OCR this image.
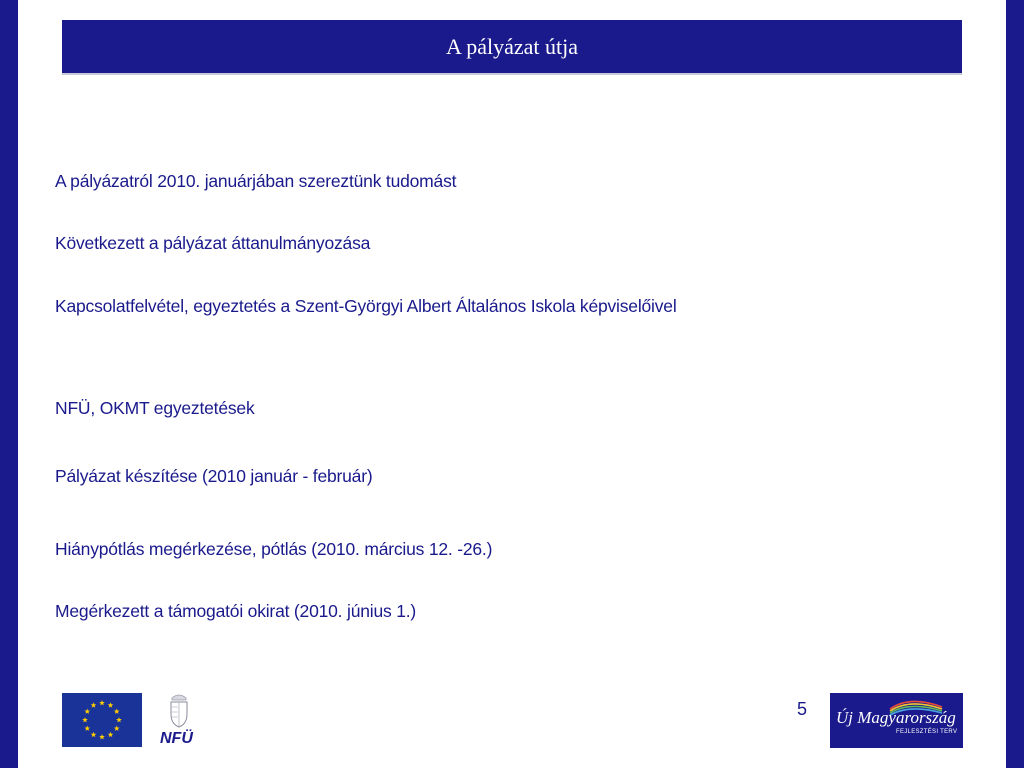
A pályázat útja

A pályázatról 2010. januárjában szereztünk tudomást

Következett a pályázat áttanulmányozása

Kapcsolatfelvétel, egyeztetés a Szent-Györgyi Albert Általános Iskola képviselőivel

NFÜ, OKMT egyeztetések

Pályázat készítése (2010 január - február)

Hiánypótlás megérkezése, pótlás (2010. március 12. -26.)

Megérkezett a támogatói okirat (2010. június 1.)

NFÜ
5 Új Magyarország
FEJLESZTÉSI TERV
